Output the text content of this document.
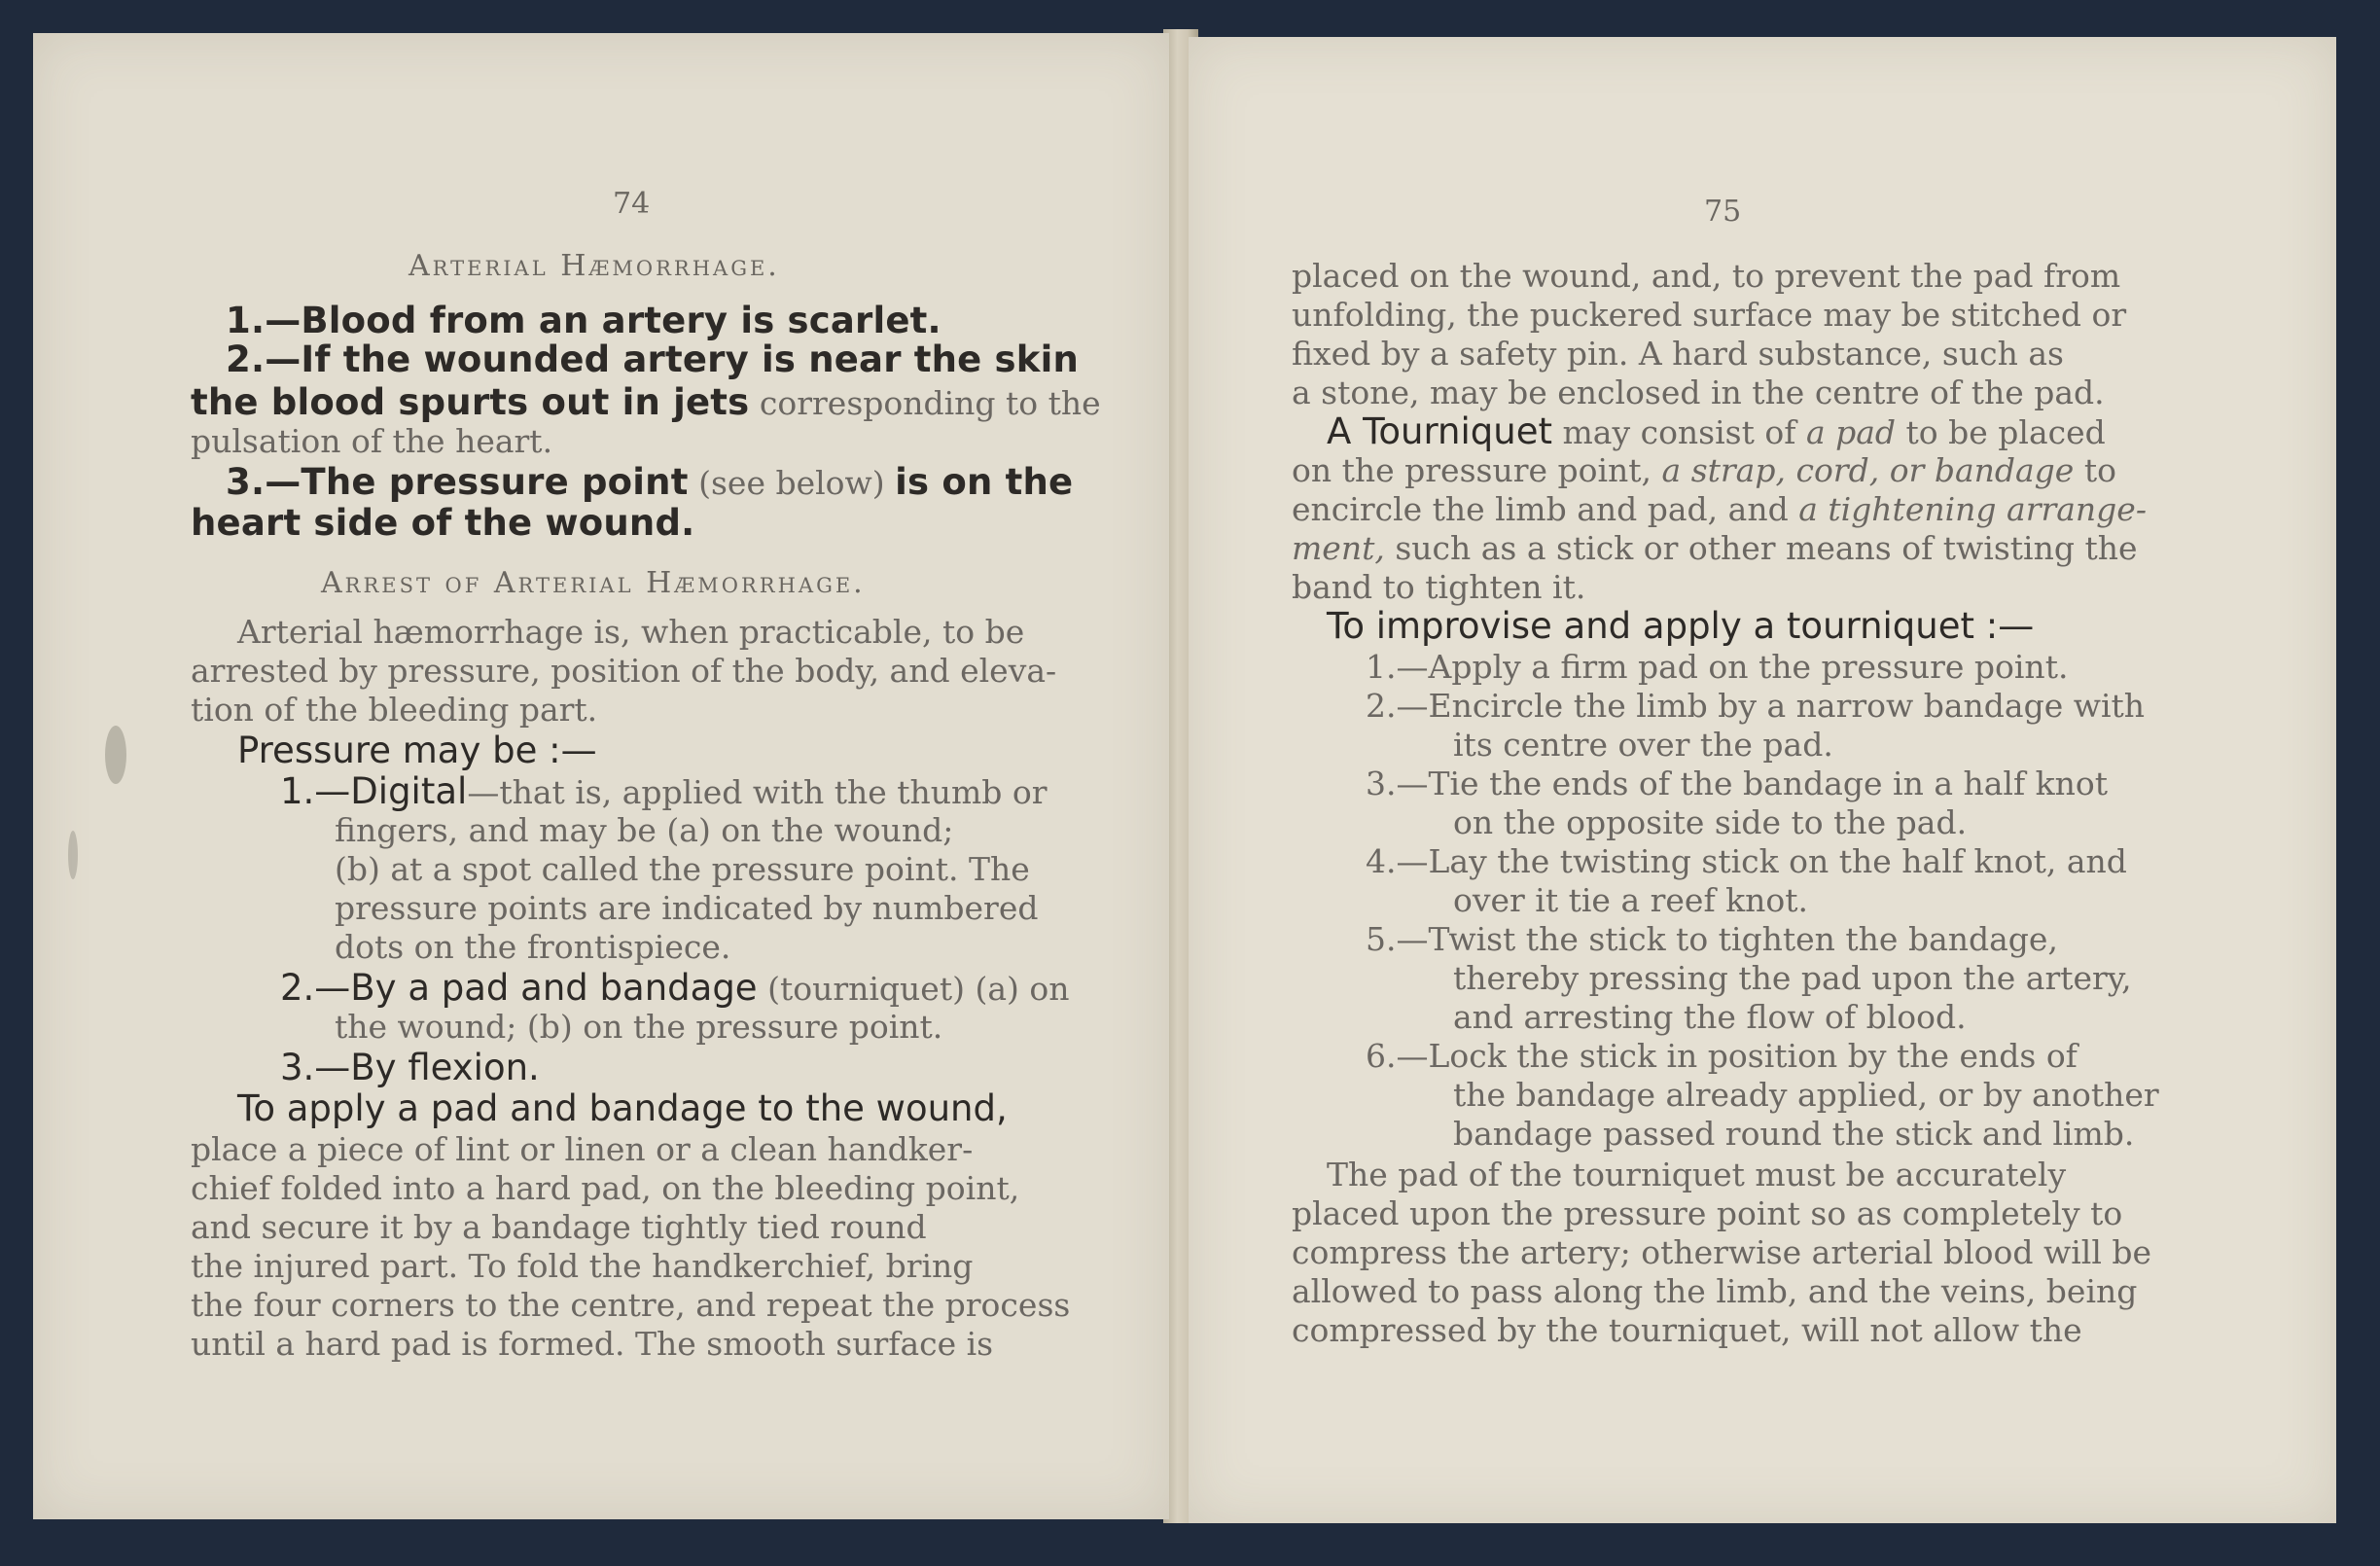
74
Arterial Hæmorrhage.
1.—Blood from an artery is scarlet.
2.—If the wounded artery is near the skin
the blood spurts out in jets corresponding to the
pulsation of the heart.
3.—The pressure point (see below) is on the
heart side of the wound.
Arrest of Arterial Hæmorrhage.
Arterial hæmorrhage is, when practicable, to be
arrested by pressure, position of the body, and eleva-
tion of the bleeding part.
Pressure may be :—
1.—Digital—that is, applied with the thumb or
fingers, and may be (a) on the wound;
(b) at a spot called the pressure point. The
pressure points are indicated by numbered
dots on the frontispiece.
2.—By a pad and bandage (tourniquet) (a) on
the wound; (b) on the pressure point.
3.—By flexion.
To apply a pad and bandage to the wound,
place a piece of lint or linen or a clean handker-
chief folded into a hard pad, on the bleeding point,
and secure it by a bandage tightly tied round
the injured part. To fold the handkerchief, bring
the four corners to the centre, and repeat the process
until a hard pad is formed. The smooth surface is
75
placed on the wound, and, to prevent the pad from
unfolding, the puckered surface may be stitched or
fixed by a safety pin. A hard substance, such as
a stone, may be enclosed in the centre of the pad.
A Tourniquet may consist of a pad to be placed
on the pressure point, a strap, cord, or bandage to
encircle the limb and pad, and a tightening arrange-
ment, such as a stick or other means of twisting the
band to tighten it.
To improvise and apply a tourniquet :—
1.—Apply a firm pad on the pressure point.
2.—Encircle the limb by a narrow bandage with
its centre over the pad.
3.—Tie the ends of the bandage in a half knot
on the opposite side to the pad.
4.—Lay the twisting stick on the half knot, and
over it tie a reef knot.
5.—Twist the stick to tighten the bandage,
thereby pressing the pad upon the artery,
and arresting the flow of blood.
6.—Lock the stick in position by the ends of
the bandage already applied, or by another
bandage passed round the stick and limb.
The pad of the tourniquet must be accurately
placed upon the pressure point so as completely to
compress the artery; otherwise arterial blood will be
allowed to pass along the limb, and the veins, being
compressed by the tourniquet, will not allow the
